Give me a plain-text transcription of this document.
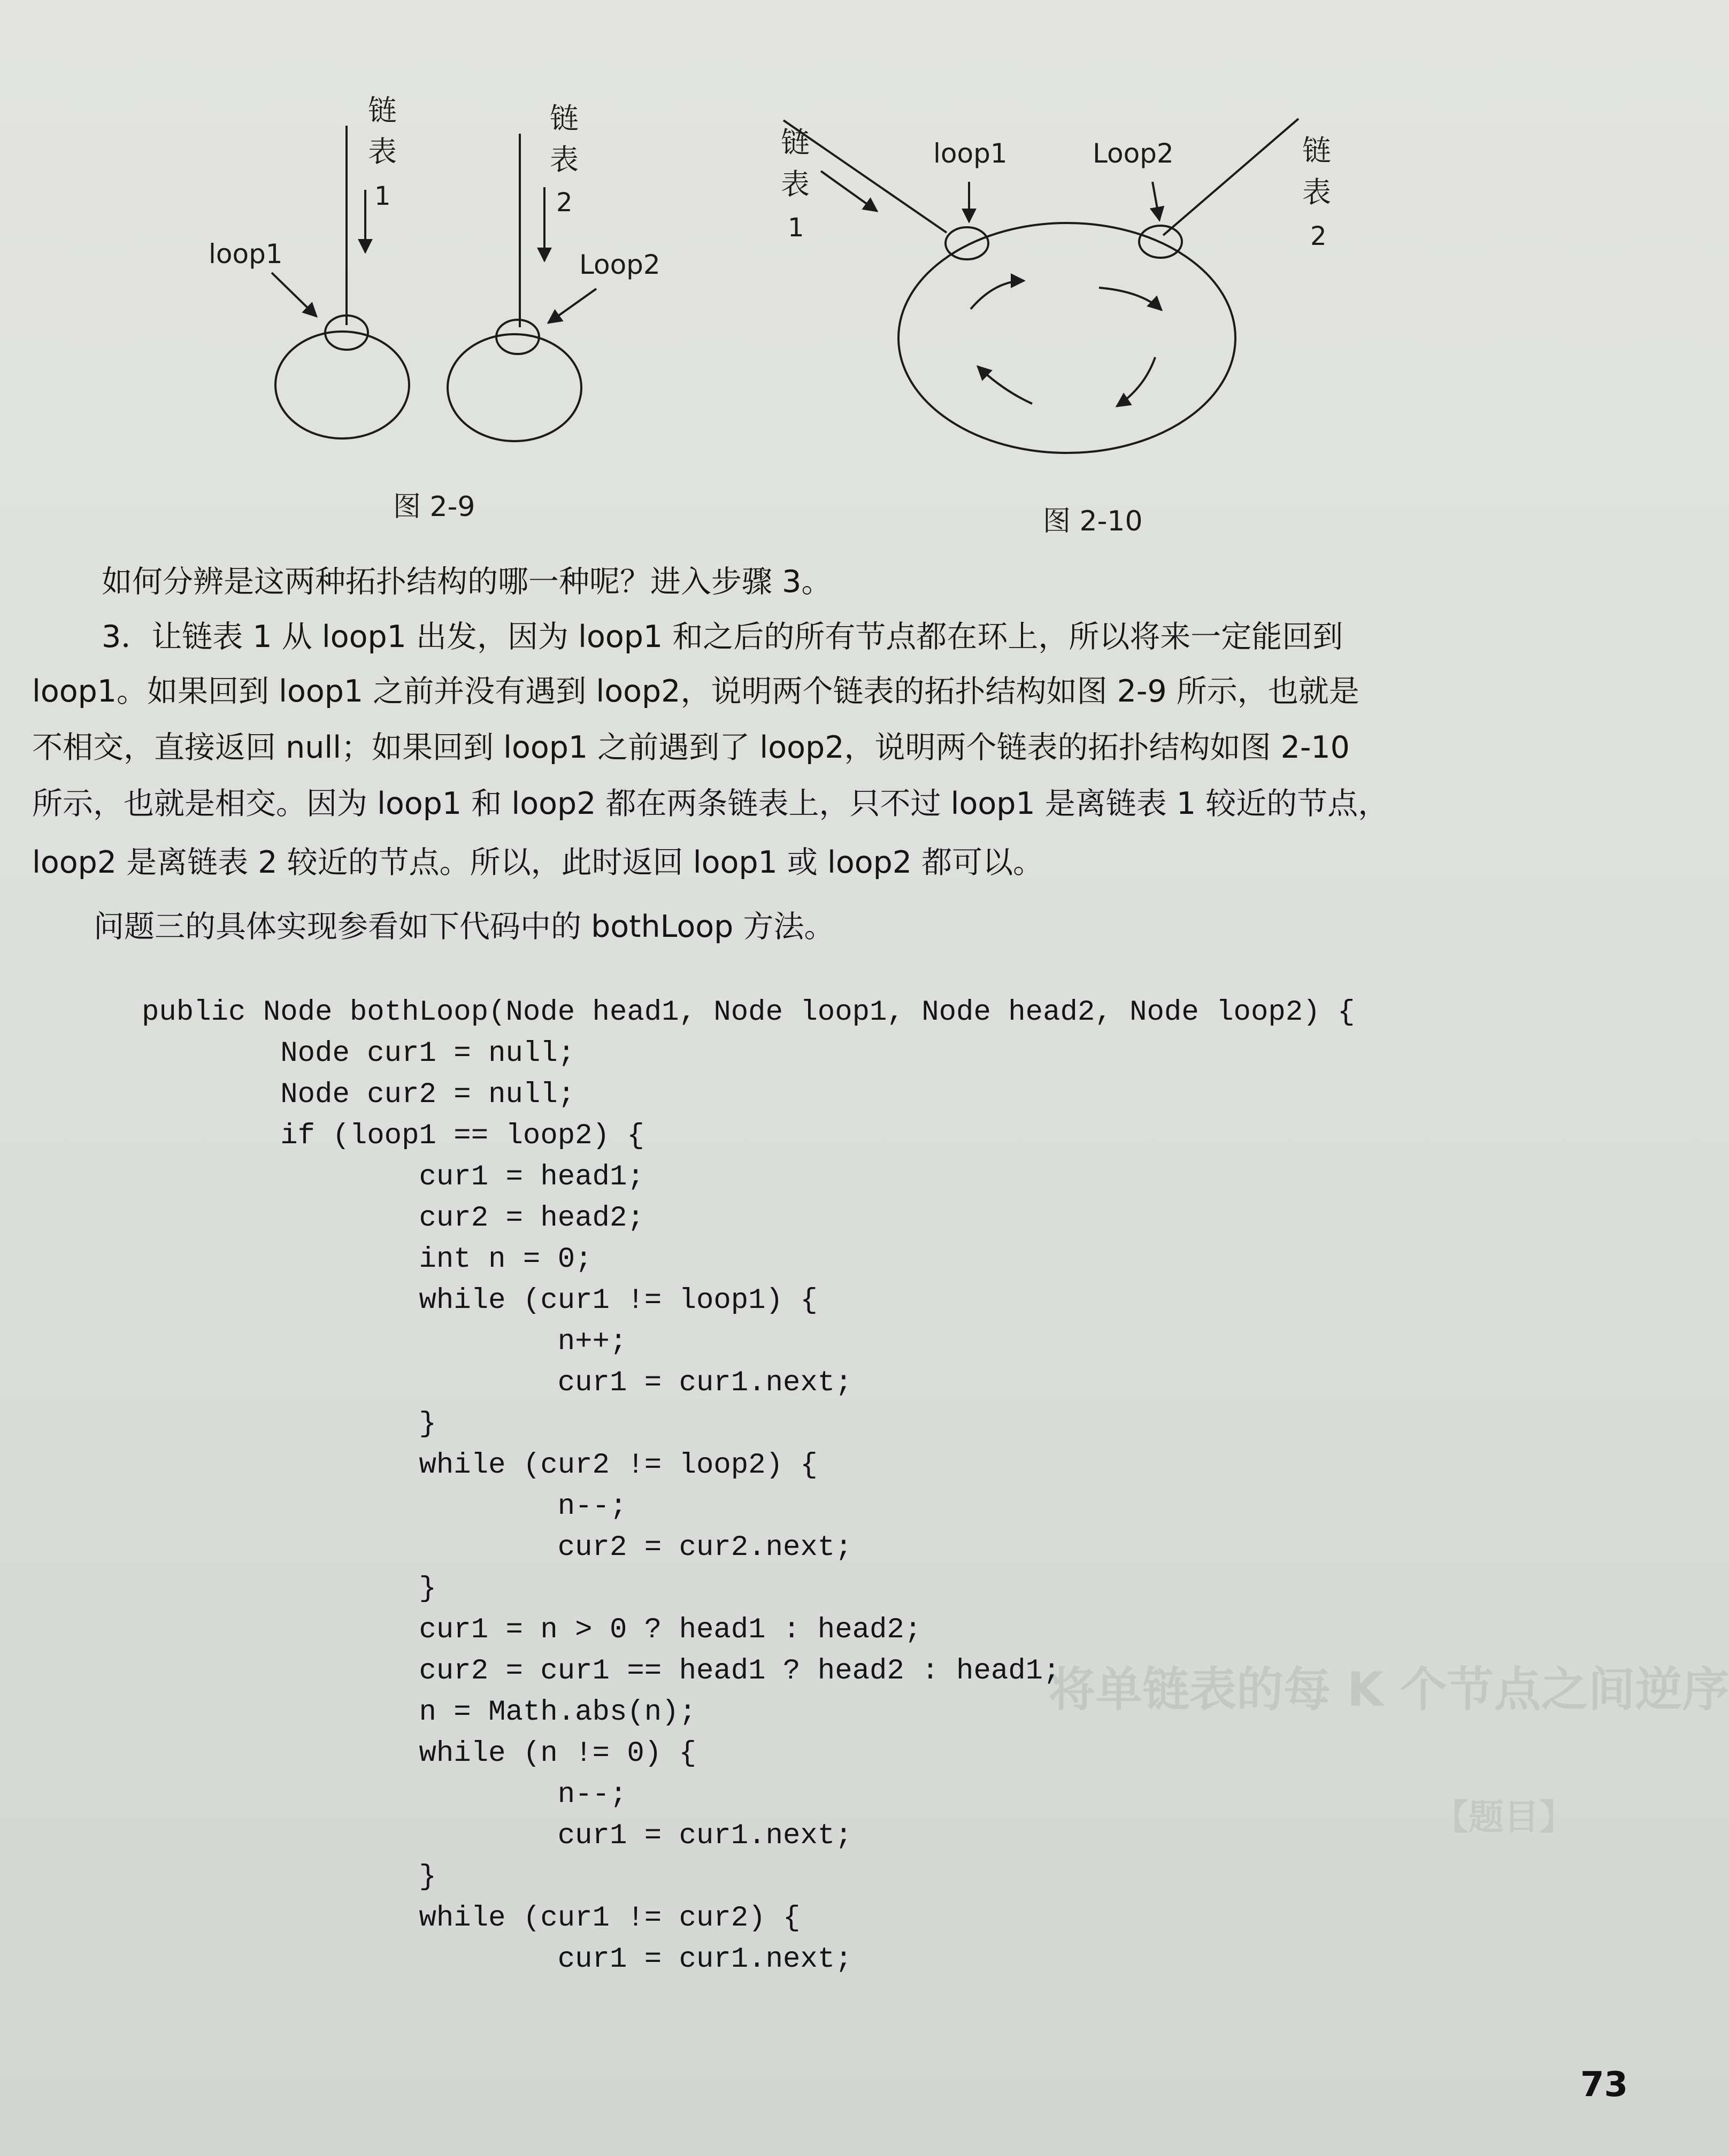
将单链表的每 K 个节点之间逆序
【题目】
链
表
1
链
表
2
loop1	Loop2
图 2-9
链
表
1
链
表
2
loop1	Loop2
图 2-10
如何分辨是这两种拓扑结构的哪一种呢？进入步骤 3。
3．让链表 1 从 loop1 出发，因为 loop1 和之后的所有节点都在环上，所以将来一定能回到
loop1。如果回到 loop1 之前并没有遇到 loop2，说明两个链表的拓扑结构如图 2-9 所示，也就是
不相交，直接返回 null；如果回到 loop1 之前遇到了 loop2，说明两个链表的拓扑结构如图 2-10
所示，也就是相交。因为 loop1 和 loop2 都在两条链表上，只不过 loop1 是离链表 1 较近的节点，
loop2 是离链表 2 较近的节点。所以，此时返回 loop1 或 loop2 都可以。
问题三的具体实现参看如下代码中的 bothLoop 方法。
public Node bothLoop(Node head1, Node loop1, Node head2, Node loop2) {
Node cur1 = null;
Node cur2 = null;
if (loop1 == loop2) {
cur1 = head1;
cur2 = head2;
int n = 0;
while (cur1 != loop1) {
n++;
cur1 = cur1.next;
}
while (cur2 != loop2) {
n--;
cur2 = cur2.next;
}
cur1 = n > 0 ? head1 : head2;
cur2 = cur1 == head1 ? head2 : head1;
n = Math.abs(n);
while (n != 0) {
n--;
cur1 = cur1.next;
}
while (cur1 != cur2) {
cur1 = cur1.next;
73
